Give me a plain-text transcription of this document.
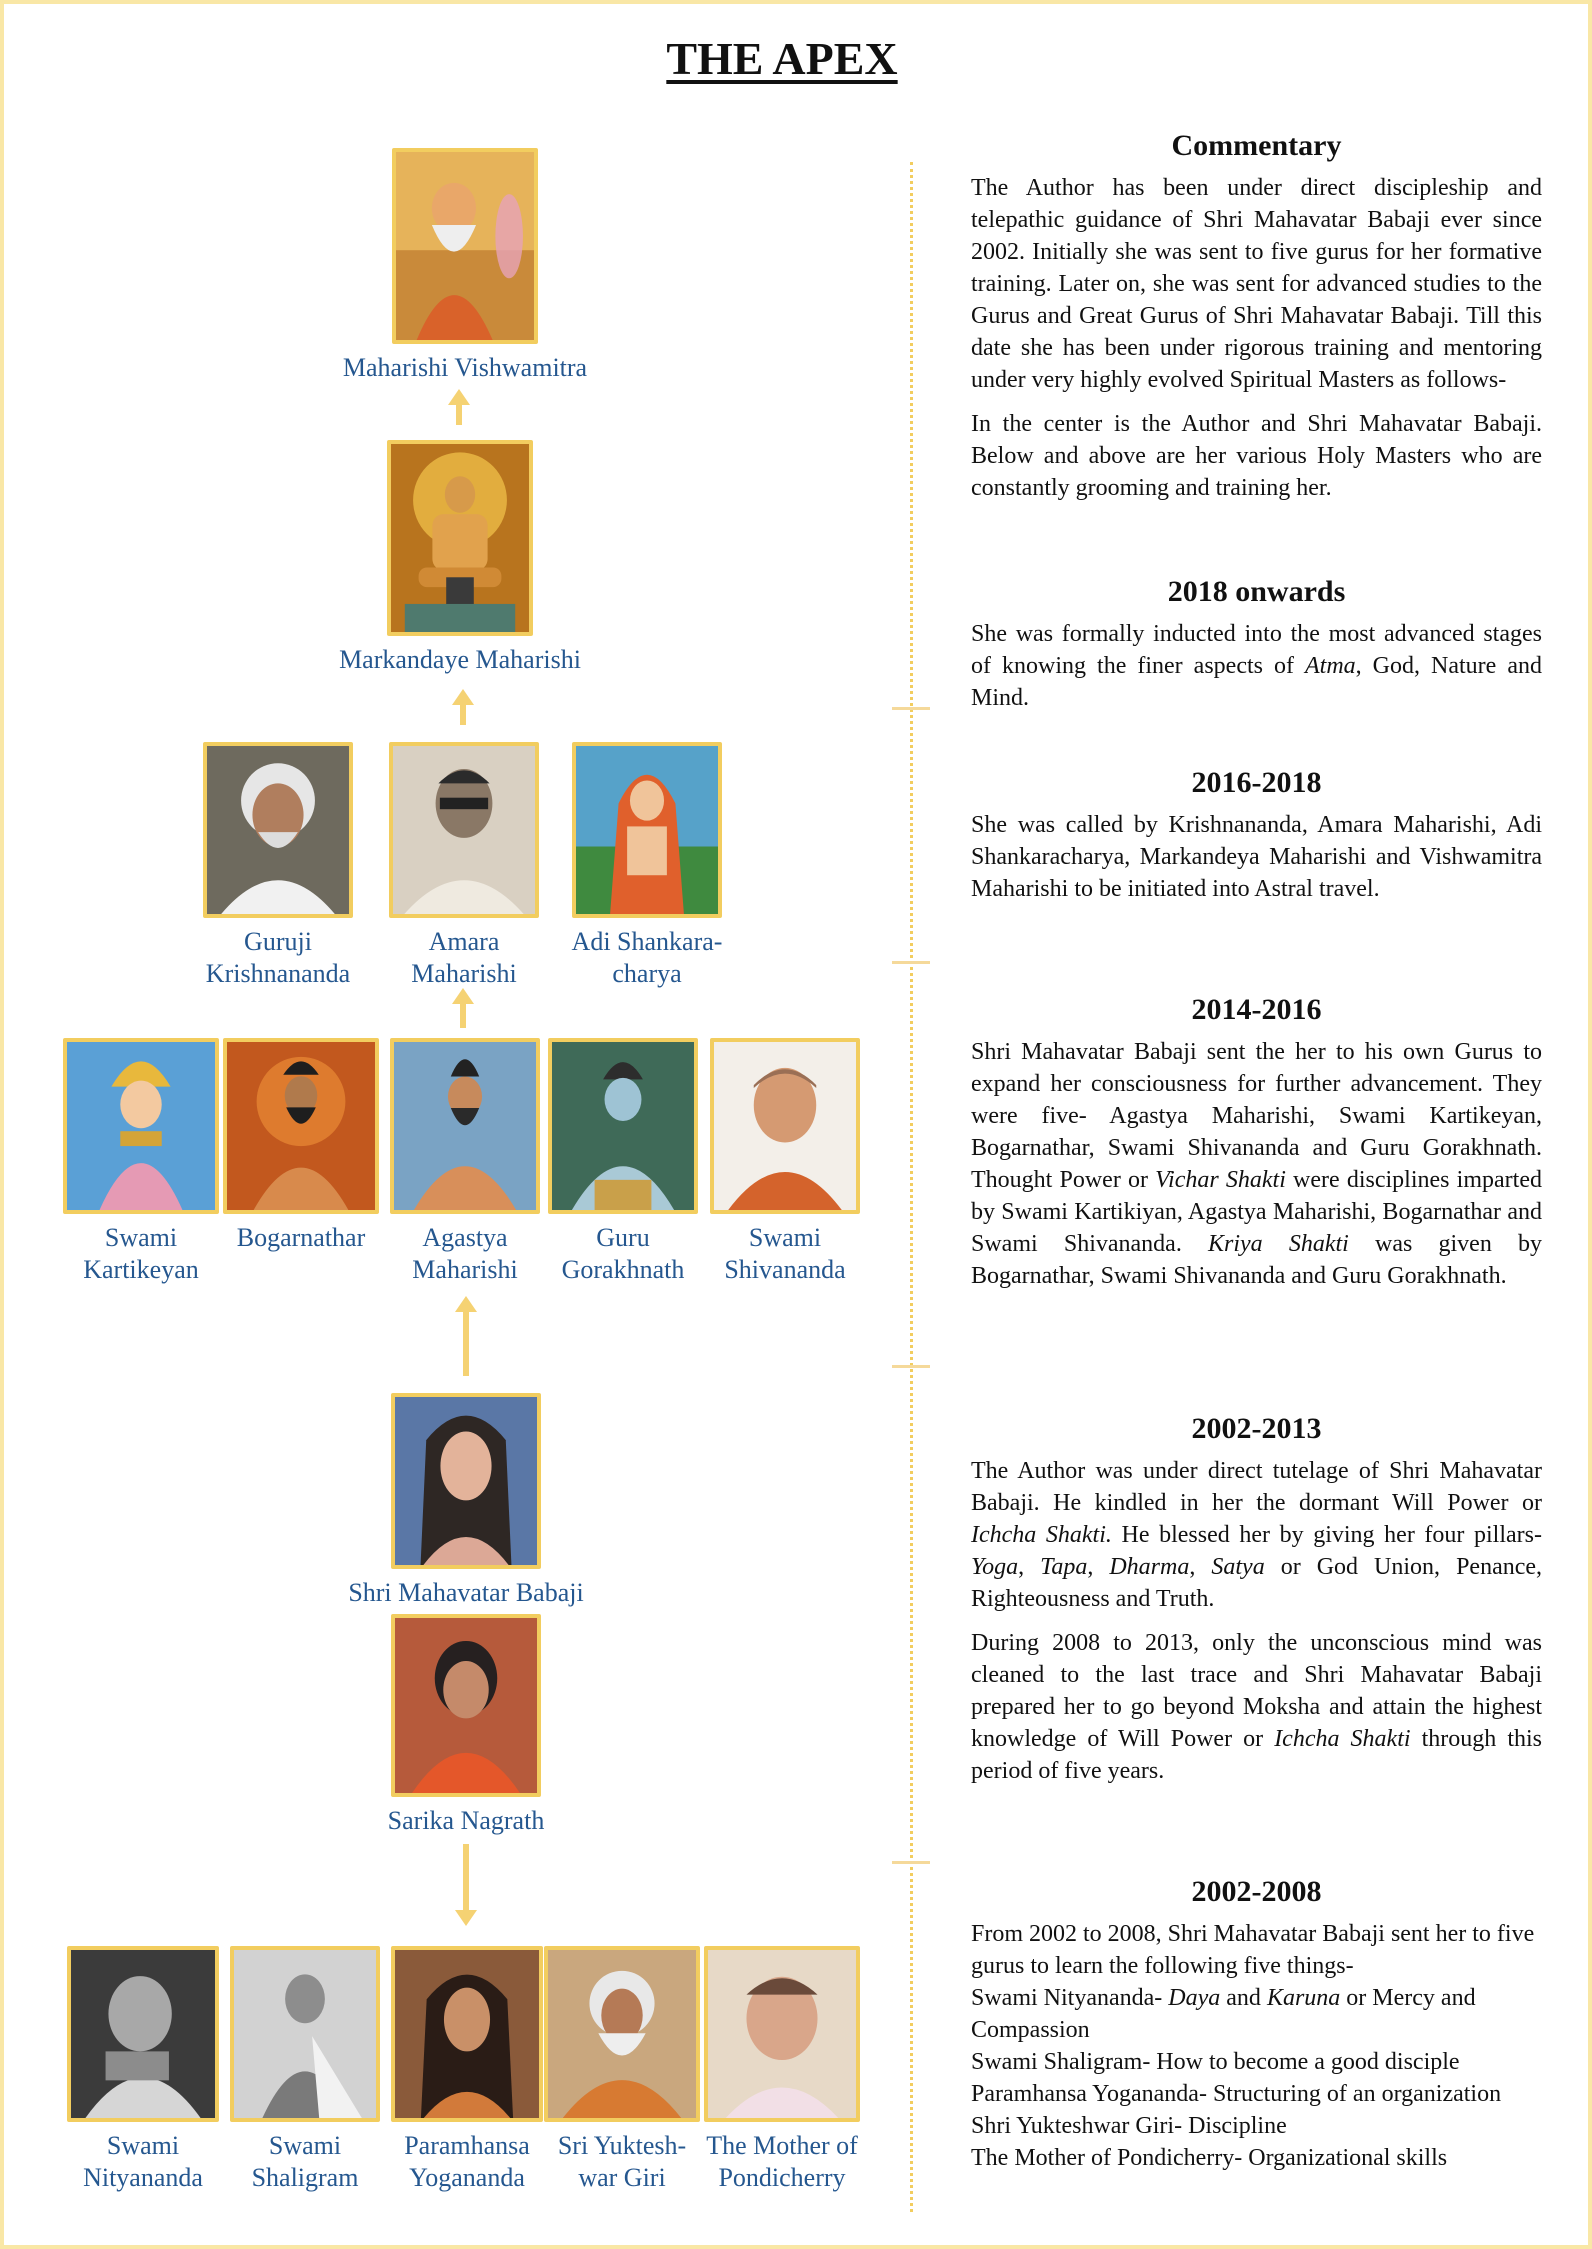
THE APEX
Maharishi Vishwamitra
Markandaye Maharishi
Guruji
Krishnananda
Amara
Maharishi
Adi Shankara-
charya
Swami
Kartikeyan
Bogarnathar	Agastya
Maharishi
Guru
Gorakhnath
Swami
Shivananda
Shri Mahavatar Babaji
Sarika Nagrath
Swami
Nityananda
Swami
Shaligram
Paramhansa
Yogananda
Sri Yuktesh-
war Giri
The Mother of
Pondicherry
Commentary

The Author has been under direct discipleship and telepathic guidance of Shri Mahavatar Babaji ever since 2002. Initially she was sent to five gurus for her formative training. Later on, she was sent for advanced studies to the Gurus and Great Gurus of Shri Mahavatar Babaji. Till this date she has been under rigorous training and mentoring under very highly evolved Spiritual Masters as follows-

In the center is the Author and Shri Mahavatar Babaji. Below and above are her various Holy Masters who are constantly grooming and training her.

2018 onwards

She was formally inducted into the most advanced stages of knowing the finer aspects of Atma, God, Nature and Mind.

2016-2018

She was called by Krishnananda, Amara Maharishi, Adi Shankaracharya, Markandeya Maharishi and Vishwamitra Maharishi to be initiated into Astral travel.

2014-2016

Shri Mahavatar Babaji sent the her to his own Gurus to expand her consciousness for further advancement. They were five- Agastya Maharishi, Swami Kartikeyan, Bogarnathar, Swami Shivananda and Guru Gorakhnath. Thought Power or Vichar Shakti were disciplines imparted by Swami Kartikiyan, Agastya Maharishi, Bogarnathar and Swami Shivananda. Kriya Shakti was given by Bogarnathar, Swami Shivananda and Guru Gorakhnath.

2002-2013

The Author was under direct tutelage of Shri Mahavatar Babaji. He kindled in her the dormant Will Power or Ichcha Shakti. He blessed her by giving her four pillars- Yoga, Tapa, Dharma, Satya or God Union, Penance, Righteousness and Truth.

During 2008 to 2013, only the unconscious mind was cleaned to the last trace and Shri Mahavatar Babaji prepared her to go beyond Moksha and attain the highest knowledge of Will Power or Ichcha Shakti through this period of five years.

2002-2008

From 2002 to 2008, Shri Mahavatar Babaji sent her to five gurus to learn the following five things-
Swami Nityananda- Daya and Karuna or Mercy and Compassion
Swami Shaligram- How to become a good disciple
Paramhansa Yogananda- Structuring of an organization
Shri Yukteshwar Giri- Discipline
The Mother of Pondicherry- Organizational skills
